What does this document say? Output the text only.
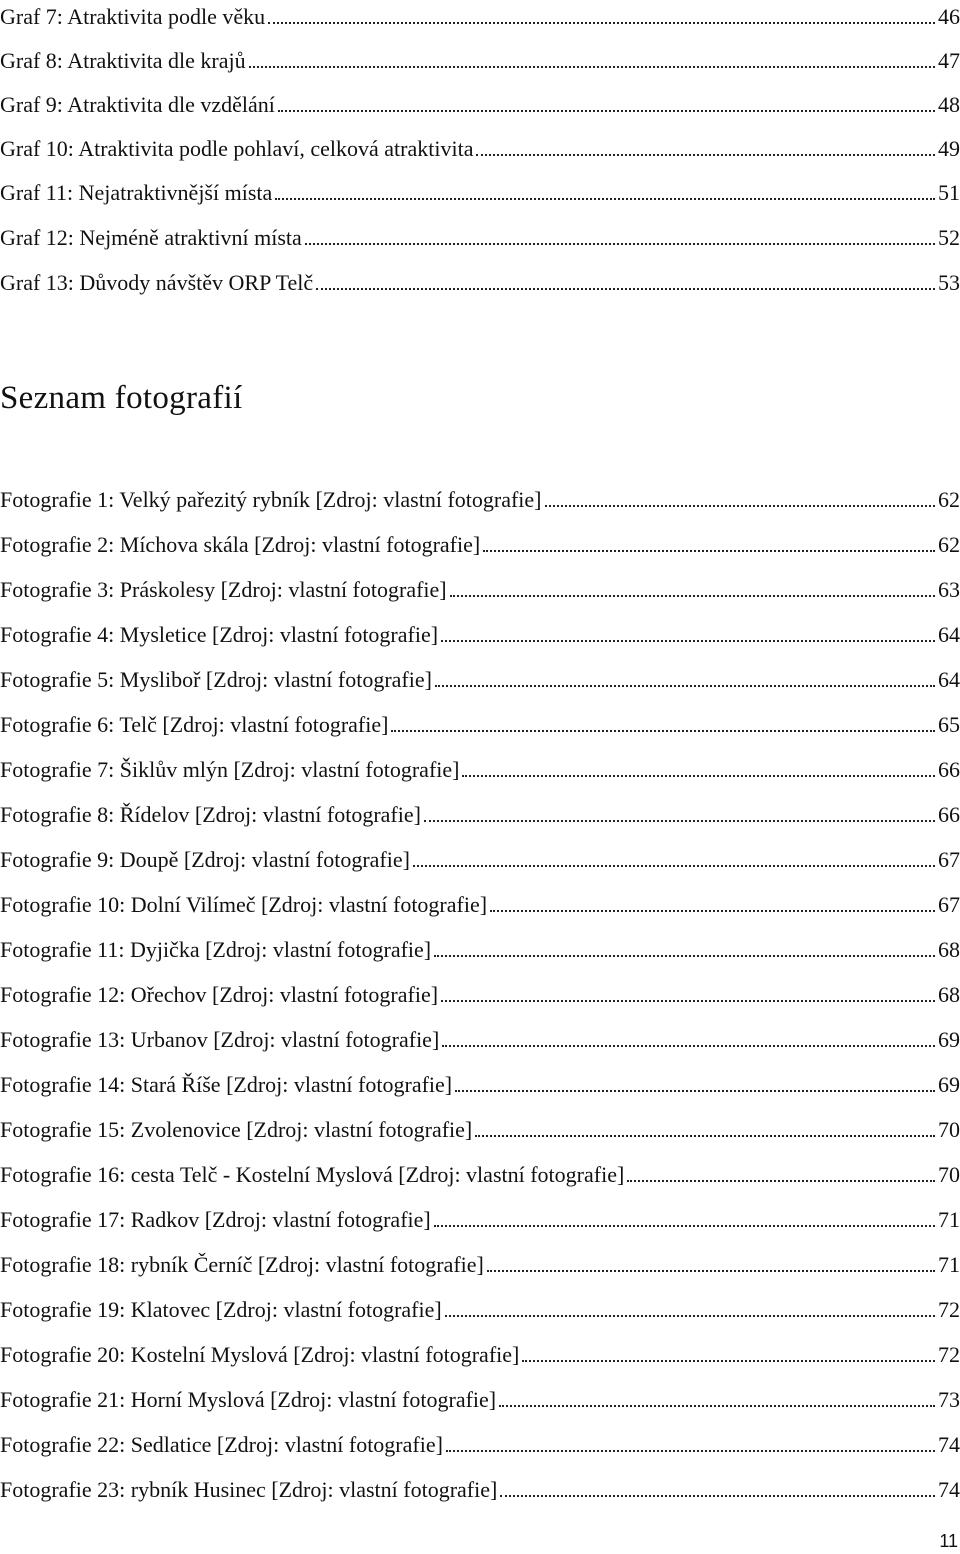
Graf 7: Atraktivita podle věku	46
Graf 8: Atraktivita dle krajů	47
Graf 9: Atraktivita dle vzdělání	48
Graf 10: Atraktivita podle pohlaví, celková atraktivita	49
Graf 11: Nejatraktivnější místa	51
Graf 12: Nejméně atraktivní místa	52
Graf 13: Důvody návštěv ORP Telč	53
Seznam fotografií
Fotografie 1: Velký pařezitý rybník [Zdroj: vlastní fotografie]	62
Fotografie 2: Míchova skála [Zdroj: vlastní fotografie]	62
Fotografie 3: Práskolesy [Zdroj: vlastní fotografie]	63
Fotografie 4: Mysletice [Zdroj: vlastní fotografie]	64
Fotografie 5: Mysliboř [Zdroj: vlastní fotografie]	64
Fotografie 6: Telč [Zdroj: vlastní fotografie]	65
Fotografie 7: Šiklův mlýn [Zdroj: vlastní fotografie]	66
Fotografie 8: Řídelov [Zdroj: vlastní fotografie]	66
Fotografie 9: Doupě [Zdroj: vlastní fotografie]	67
Fotografie 10: Dolní Vilímeč [Zdroj: vlastní fotografie]	67
Fotografie 11: Dyjička [Zdroj: vlastní fotografie]	68
Fotografie 12: Ořechov [Zdroj: vlastní fotografie]	68
Fotografie 13: Urbanov [Zdroj: vlastní fotografie]	69
Fotografie 14: Stará Říše [Zdroj: vlastní fotografie]	69
Fotografie 15: Zvolenovice [Zdroj: vlastní fotografie]	70
Fotografie 16: cesta Telč - Kostelní Myslová [Zdroj: vlastní fotografie]	70
Fotografie 17: Radkov [Zdroj: vlastní fotografie]	71
Fotografie 18: rybník Černíč [Zdroj: vlastní fotografie]	71
Fotografie 19: Klatovec [Zdroj: vlastní fotografie]	72
Fotografie 20: Kostelní Myslová [Zdroj: vlastní fotografie]	72
Fotografie 21: Horní Myslová [Zdroj: vlastní fotografie]	73
Fotografie 22: Sedlatice [Zdroj: vlastní fotografie]	74
Fotografie 23: rybník Husinec [Zdroj: vlastní fotografie]	74
11
